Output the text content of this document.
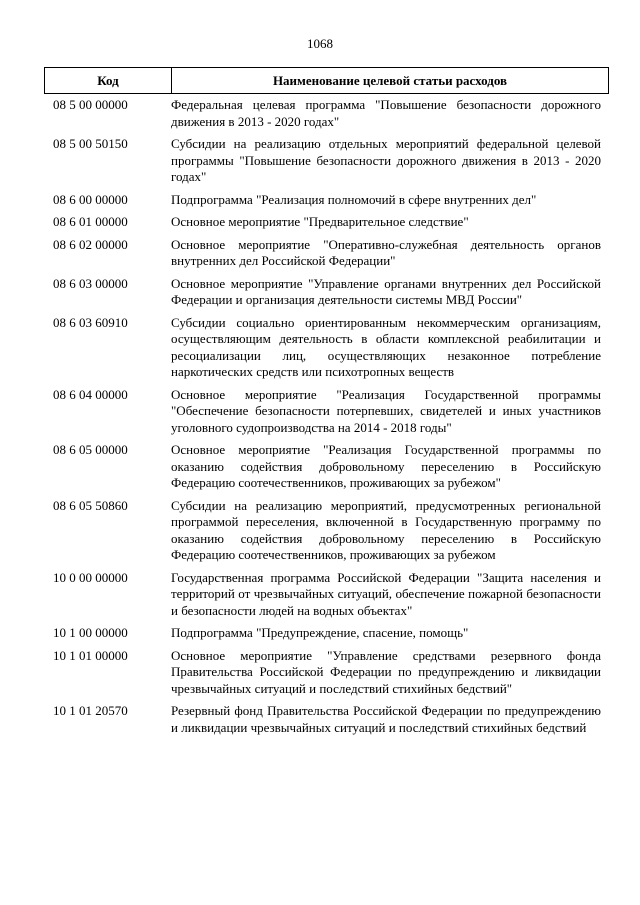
1068
Код	Наименование целевой статьи расходов
08 5 00 00000	Федеральная целевая программа "Повышение безопасности дорожного движения в 2013 - 2020 годах"
08 5 00 50150	Субсидии на реализацию отдельных мероприятий федеральной целевой программы "Повышение безопасности дорожного движения в 2013 - 2020 годах"
08 6 00 00000	Подпрограмма "Реализация полномочий в сфере внутренних дел"
08 6 01 00000	Основное мероприятие "Предварительное следствие"
08 6 02 00000	Основное мероприятие "Оперативно-служебная деятельность органов внутренних дел Российской Федерации"
08 6 03 00000	Основное мероприятие "Управление органами внутренних дел Российской Федерации и организация деятельности системы МВД России"
08 6 03 60910	Субсидии социально ориентированным некоммерческим организациям, осуществляющим деятельность в области комплексной реабилитации и ресоциализации лиц, осуществляющих незаконное потребление наркотических средств или психотропных веществ
08 6 04 00000	Основное мероприятие "Реализация Государственной программы "Обеспечение безопасности потерпевших, свидетелей и иных участников уголовного судопроизводства на 2014 - 2018 годы"
08 6 05 00000	Основное мероприятие "Реализация Государственной программы по оказанию содействия добровольному переселению в Российскую Федерацию соотечественников, проживающих за рубежом"
08 6 05 50860	Субсидии на реализацию мероприятий, предусмотренных региональной программой переселения, включенной в Государственную программу по оказанию содействия добровольному переселению в Российскую Федерацию соотечественников, проживающих за рубежом
10 0 00 00000	Государственная программа Российской Федерации "Защита населения и территорий от чрезвычайных ситуаций, обеспечение пожарной безопасности и безопасности людей на водных объектах"
10 1 00 00000	Подпрограмма "Предупреждение, спасение, помощь"
10 1 01 00000	Основное мероприятие "Управление средствами резервного фонда Правительства Российской Федерации по предупреждению и ликвидации чрезвычайных ситуаций и последствий стихийных бедствий"
10 1 01 20570	Резервный фонд Правительства Российской Федерации по предупреждению и ликвидации чрезвычайных ситуаций и последствий стихийных бедствий
